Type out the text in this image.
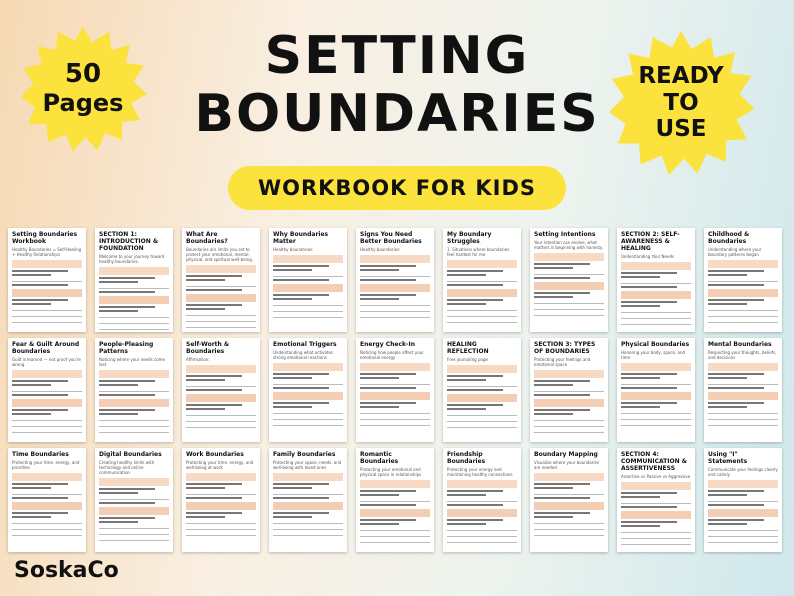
50
Pages
READY TO USE
SETTING
BOUNDARIES
WORKBOOK FOR KIDS
Setting Boundaries Workbook
Healthy Boundaries = Self-Healing + Healthy Relationships
SECTION 1: INTRODUCTION & FOUNDATION
Welcome to your journey toward healthy boundaries.
What Are Boundaries?
Boundaries are limits you set to protect your emotional, mental, physical, and spiritual well-being.
Why Boundaries Matter
Healthy boundaries:
Signs You Need Better Boundaries
Healthy boundaries:
My Boundary Struggles
1. Situations where boundaries feel hardest for me
Setting Intentions
Your intention can evolve, what matters is beginning with honesty.
SECTION 2: SELF-AWARENESS & HEALING
Understanding Your Needs
Childhood & Boundaries
Understanding where your boundary patterns began
Fear & Guilt Around Boundaries
Guilt is learned — not proof you're wrong
People-Pleasing Patterns
Noticing where your needs come last
Self-Worth & Boundaries
Affirmation:
Emotional Triggers
Understanding what activates strong emotional reactions
Energy Check-In
Noticing how people affect your emotional energy
HEALING REFLECTION
Free journaling page
SECTION 3: TYPES OF BOUNDARIES
Protecting your feelings and emotional space
Physical Boundaries
Honoring your body, space, and time
Mental Boundaries
Respecting your thoughts, beliefs, and decisions
Time Boundaries
Protecting your time, energy, and priorities
Digital Boundaries
Creating healthy limits with technology and online communication
Work Boundaries
Protecting your time, energy, and well-being at work
Family Boundaries
Protecting your space, needs, and well-being with loved ones
Romantic Boundaries
Protecting your emotional and physical space in relationships
Friendship Boundaries
Protecting your energy and maintaining healthy connections
Boundary Mapping
Visualize where your boundaries are needed
SECTION 4: COMMUNICATION & ASSERTIVENESS
Assertive vs Passive vs Aggressive
Using "I" Statements
Communicate your feelings clearly and calmly
SoskaCo
